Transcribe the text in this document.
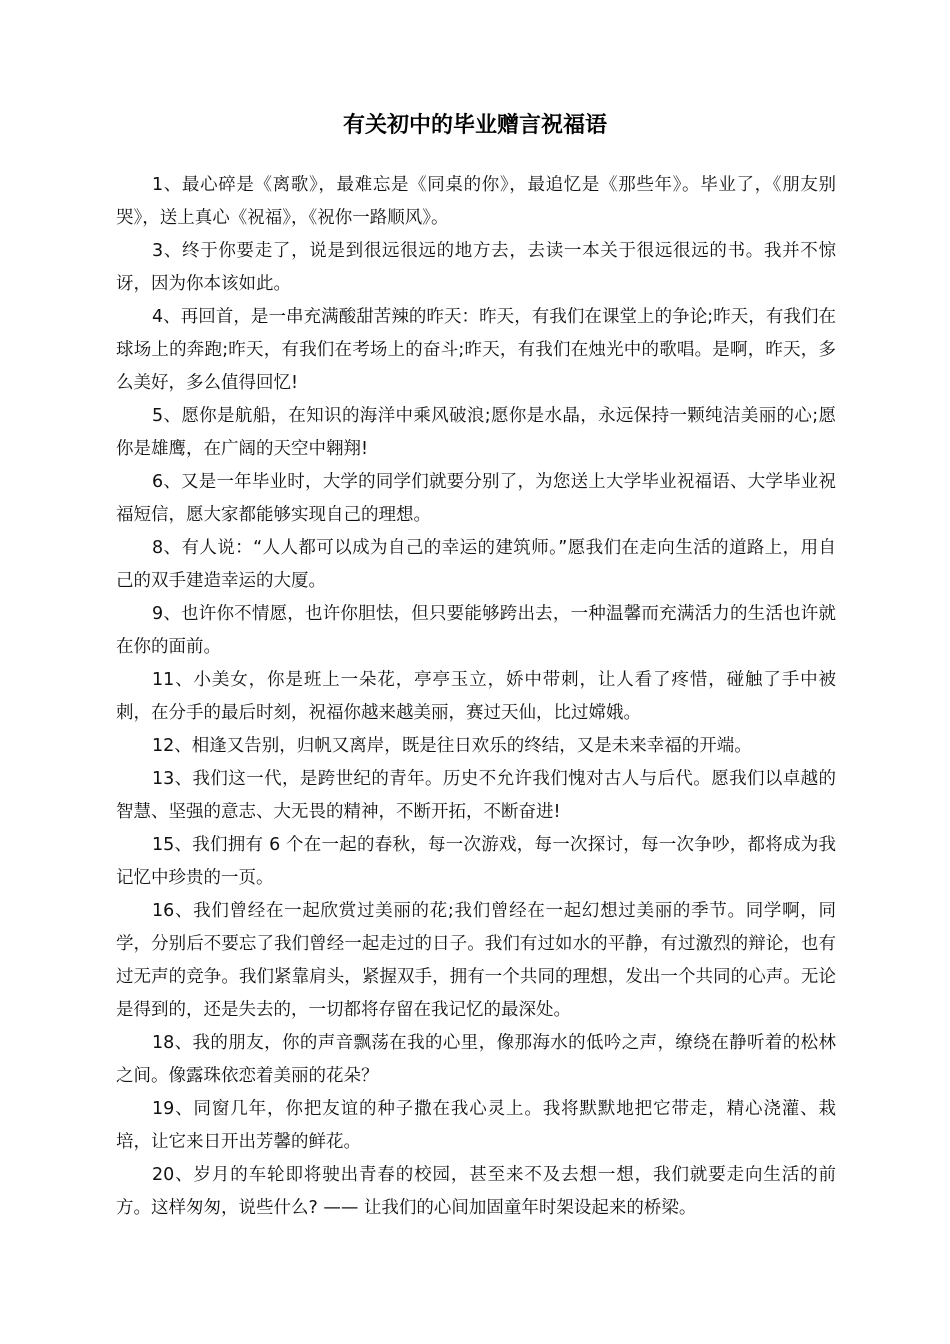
有关初中的毕业赠言祝福语

1、最心碎是《离歌》，最难忘是《同桌的你》，最追忆是《那些年》。毕业了，《朋友别哭》，送上真心《祝福》，《祝你一路顺风》。

3、终于你要走了，说是到很远很远的地方去，去读一本关于很远很远的书。我并不惊讶，因为你本该如此。

4、再回首，是一串充满酸甜苦辣的昨天：昨天，有我们在课堂上的争论;昨天，有我们在球场上的奔跑;昨天，有我们在考场上的奋斗;昨天，有我们在烛光中的歌唱。是啊，昨天，多么美好，多么值得回忆!

5、愿你是航船，在知识的海洋中乘风破浪;愿你是水晶，永远保持一颗纯洁美丽的心;愿你是雄鹰，在广阔的天空中翱翔!

6、又是一年毕业时，大学的同学们就要分别了，为您送上大学毕业祝福语、大学毕业祝福短信，愿大家都能够实现自己的理想。

8、有人说：“人人都可以成为自己的幸运的建筑师。”愿我们在走向生活的道路上，用自己的双手建造幸运的大厦。

9、也许你不情愿，也许你胆怯，但只要能够跨出去，一种温馨而充满活力的生活也许就在你的面前。

11、小美女，你是班上一朵花，亭亭玉立，娇中带刺，让人看了疼惜，碰触了手中被刺，在分手的最后时刻，祝福你越来越美丽，赛过天仙，比过嫦娥。

12、相逢又告别，归帆又离岸，既是往日欢乐的终结，又是未来幸福的开端。

13、我们这一代，是跨世纪的青年。历史不允许我们愧对古人与后代。愿我们以卓越的智慧、坚强的意志、大无畏的精神，不断开拓，不断奋进!

15、我们拥有 6 个在一起的春秋，每一次游戏，每一次探讨，每一次争吵，都将成为我记忆中珍贵的一页。

16、我们曾经在一起欣赏过美丽的花;我们曾经在一起幻想过美丽的季节。同学啊，同学，分别后不要忘了我们曾经一起走过的日子。我们有过如水的平静，有过激烈的辩论，也有过无声的竞争。我们紧靠肩头，紧握双手，拥有一个共同的理想，发出一个共同的心声。无论是得到的，还是失去的，一切都将存留在我记忆的最深处。

18、我的朋友，你的声音飘荡在我的心里，像那海水的低吟之声，缭绕在静听着的松林之间。像露珠依恋着美丽的花朵？

19、同窗几年，你把友谊的种子撒在我心灵上。我将默默地把它带走，精心浇灌、栽培，让它来日开出芳馨的鲜花。

20、岁月的车轮即将驶出青春的校园，甚至来不及去想一想，我们就要走向生活的前方。这样匆匆，说些什么? —— 让我们的心间加固童年时架设起来的桥梁。
